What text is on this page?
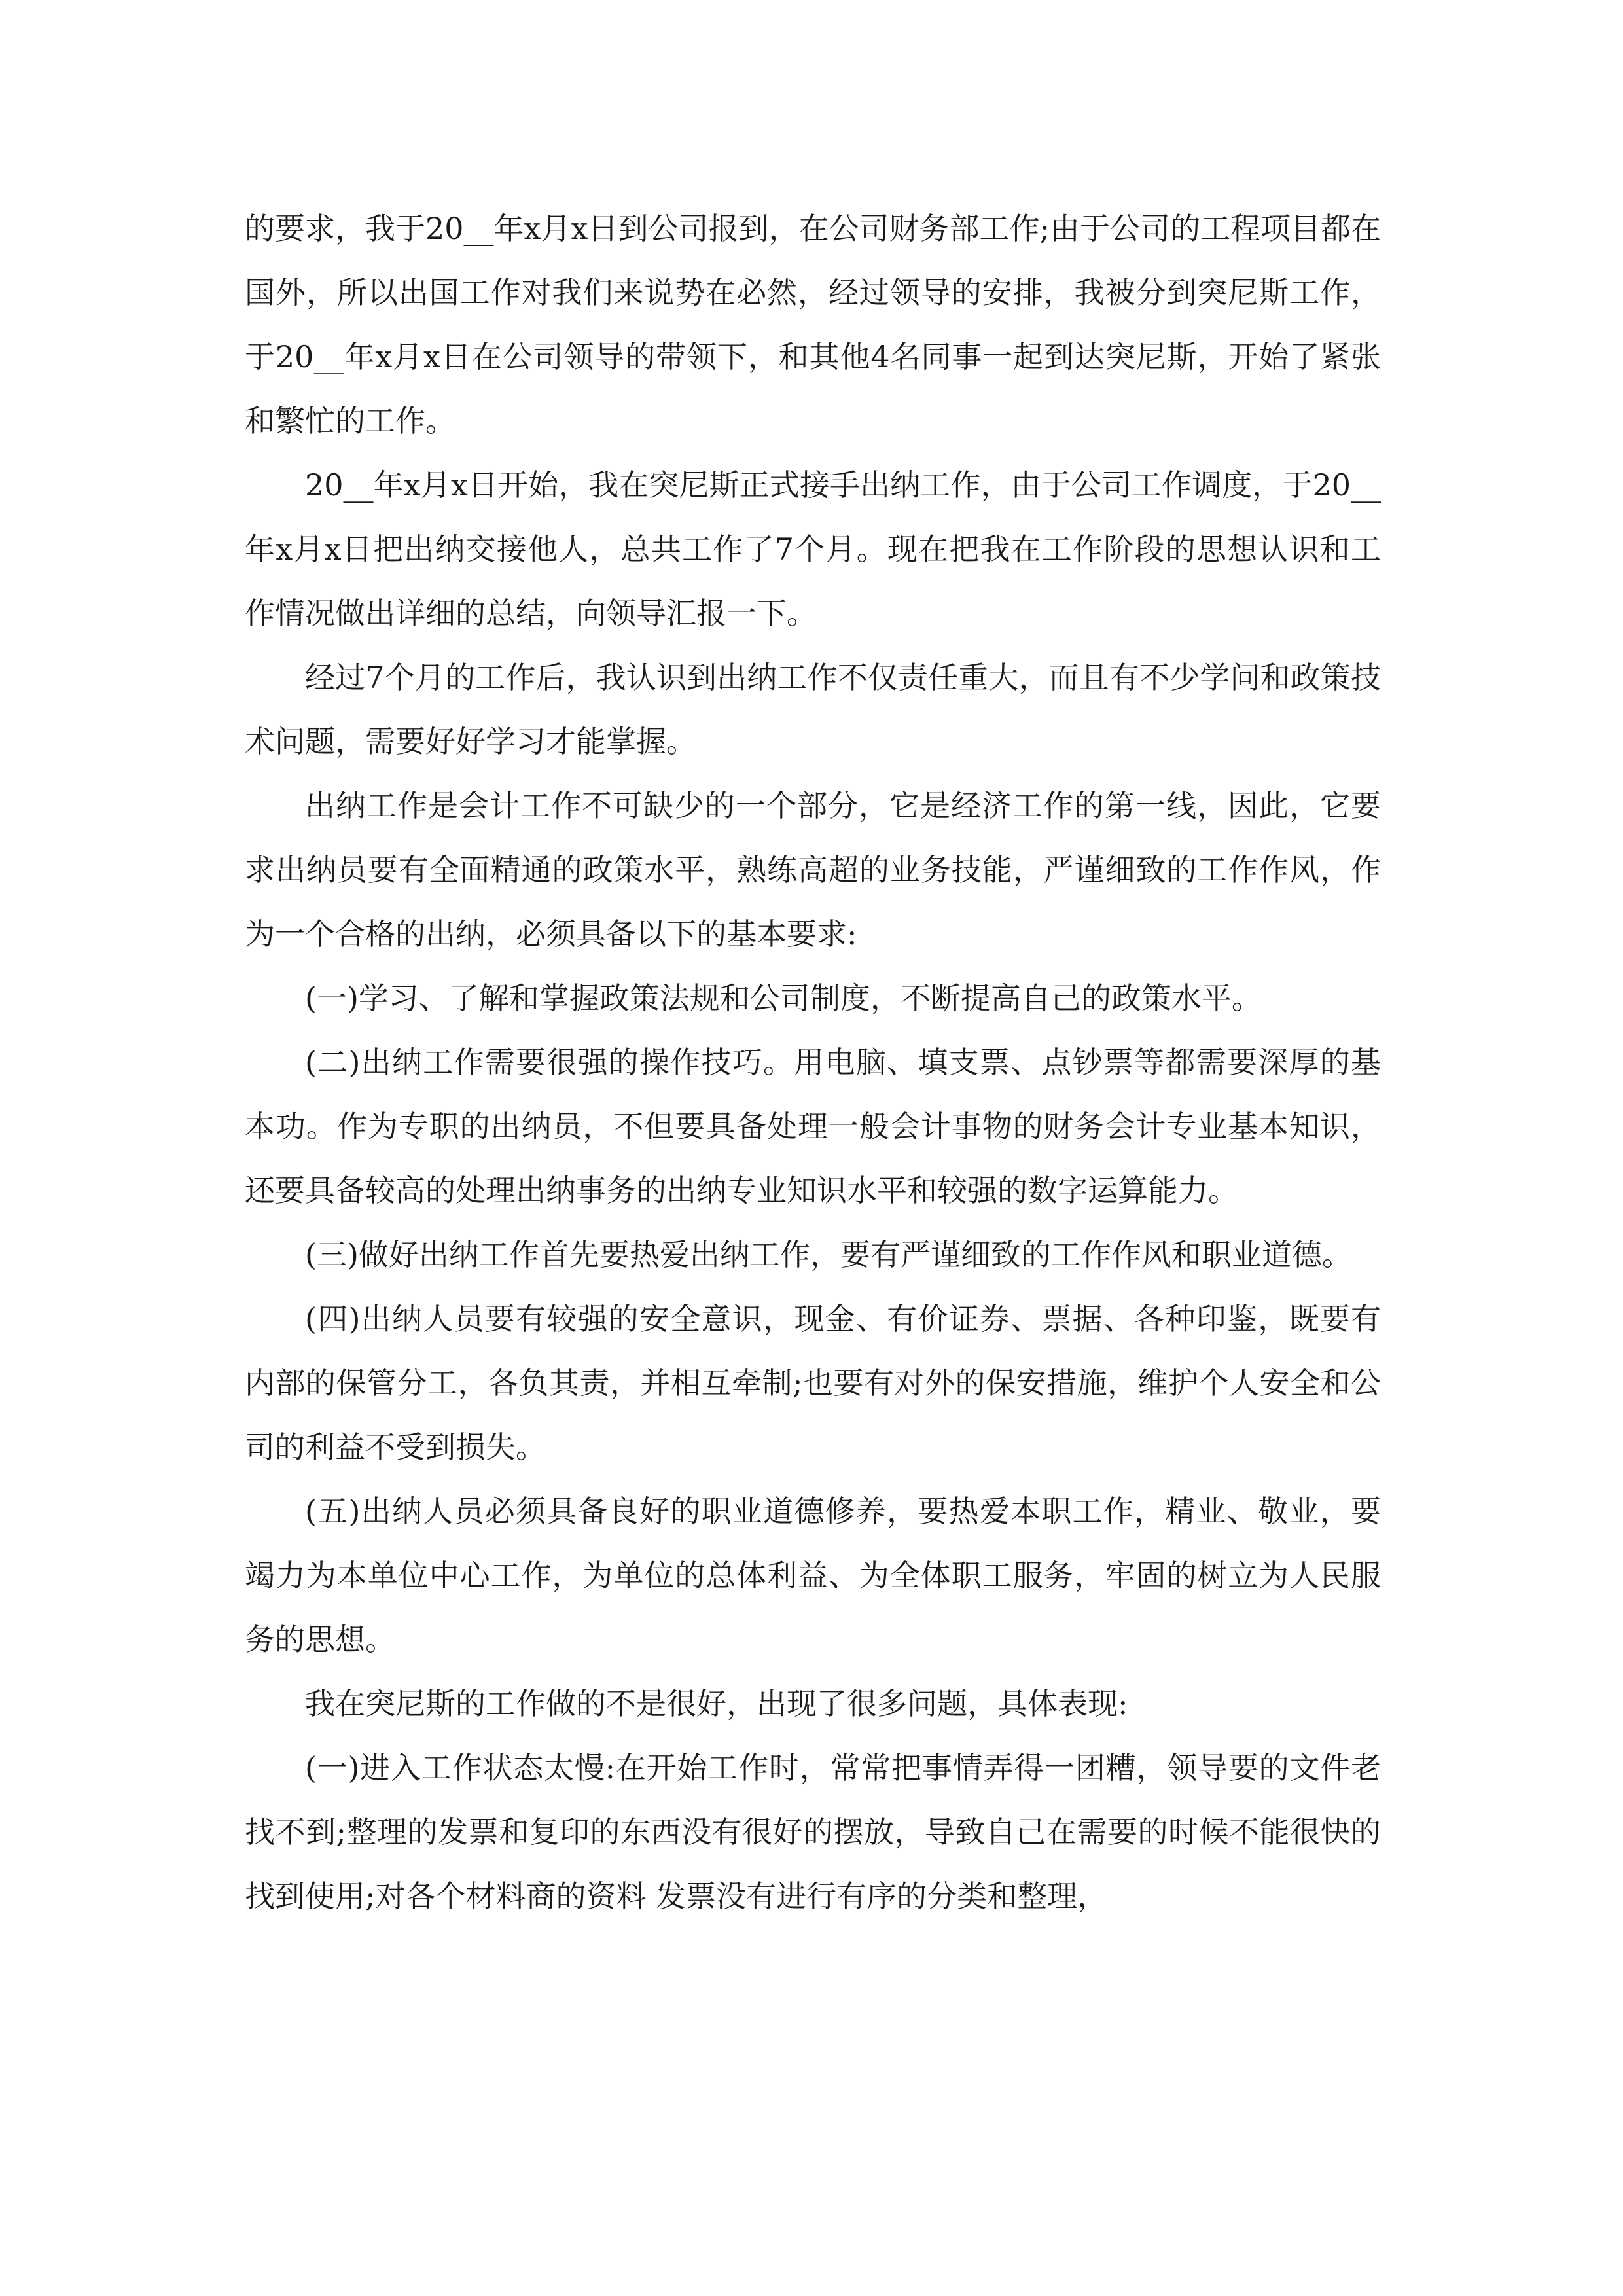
的要求，我于20__年x月x日到公司报到，在公司财务部工作;由于公司的工程项目都在国外，所以出国工作对我们来说势在必然，经过领导的安排，我被分到突尼斯工作，于20__年x月x日在公司领导的带领下，和其他4名同事一起到达突尼斯，开始了紧张和繁忙的工作。

20__年x月x日开始，我在突尼斯正式接手出纳工作，由于公司工作调度，于20__年x月x日把出纳交接他人，总共工作了7个月。现在把我在工作阶段的思想认识和工作情况做出详细的总结，向领导汇报一下。

经过7个月的工作后，我认识到出纳工作不仅责任重大，而且有不少学问和政策技术问题，需要好好学习才能掌握。

出纳工作是会计工作不可缺少的一个部分，它是经济工作的第一线，因此，它要求出纳员要有全面精通的政策水平，熟练高超的业务技能，严谨细致的工作作风，作为一个合格的出纳，必须具备以下的基本要求:

(一)学习、了解和掌握政策法规和公司制度，不断提高自己的政策水平。

(二)出纳工作需要很强的操作技巧。用电脑、填支票、点钞票等都需要深厚的基本功。作为专职的出纳员，不但要具备处理一般会计事物的财务会计专业基本知识，还要具备较高的处理出纳事务的出纳专业知识水平和较强的数字运算能力。

(三)做好出纳工作首先要热爱出纳工作，要有严谨细致的工作作风和职业道德。

(四)出纳人员要有较强的安全意识，现金、有价证券、票据、各种印鉴，既要有内部的保管分工，各负其责，并相互牵制;也要有对外的保安措施，维护个人安全和公司的利益不受到损失。

(五)出纳人员必须具备良好的职业道德修养，要热爱本职工作，精业、敬业，要竭力为本单位中心工作，为单位的总体利益、为全体职工服务，牢固的树立为人民服务的思想。

我在突尼斯的工作做的不是很好，出现了很多问题，具体表现:

(一)进入工作状态太慢:在开始工作时，常常把事情弄得一团糟，领导要的文件老找不到;整理的发票和复印的东西没有很好的摆放，导致自己在需要的时候不能很快的找到使用;对各个材料商的资料 发票没有进行有序的分类和整理，
